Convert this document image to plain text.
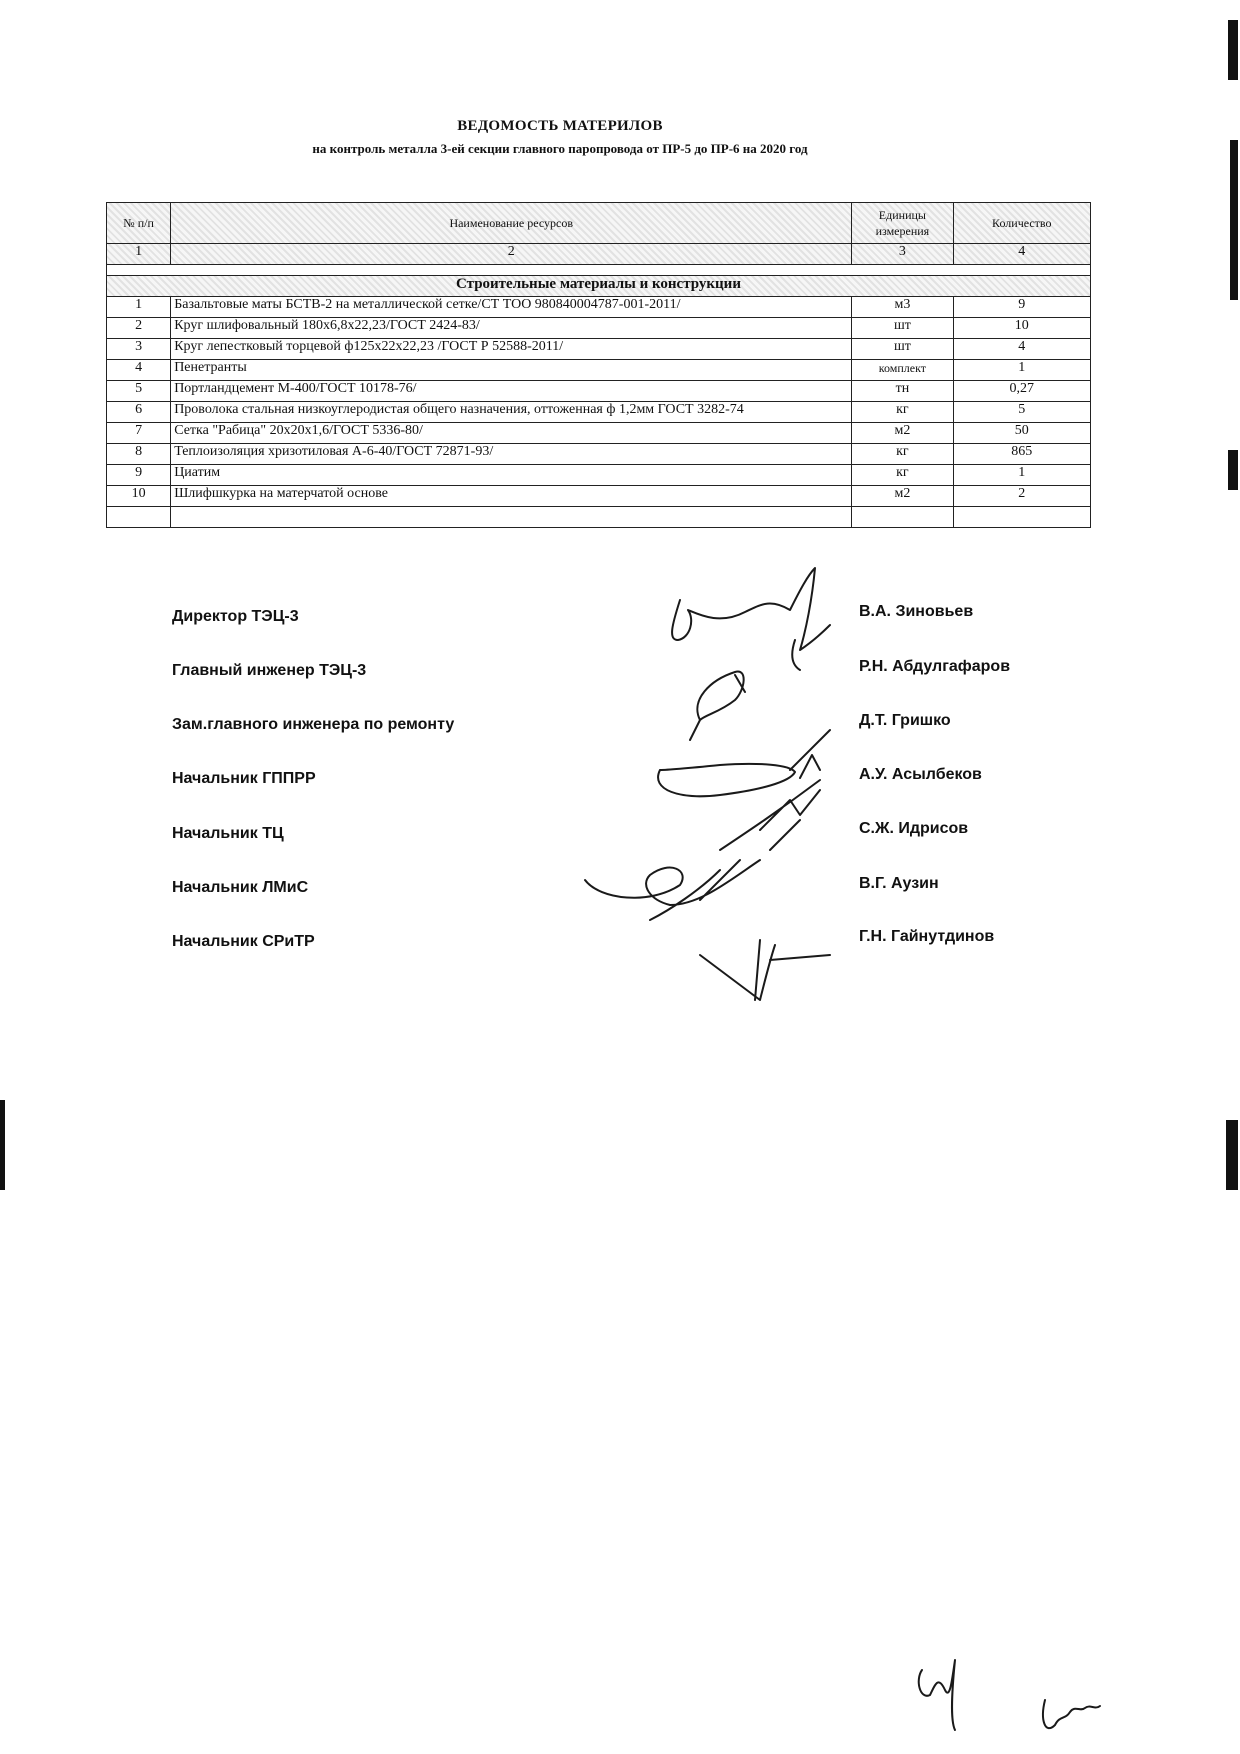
ВЕДОМОСТЬ МАТЕРИЛОВ
на контроль металла 3-ей секции главного паропровода от ПР-5 до ПР-6 на 2020 год
№ п/п	Наименование ресурсов	Единицы измерения	Количество
1	2	3	4

Строительные материалы и конструкции			
1	Базальтовые маты БСТВ-2 на металлической сетке/СТ ТОО 980840004787-001-2011/	м3	9
2	Круг шлифовальный 180х6,8х22,23/ГОСТ 2424-83/	шт	10
3	Круг лепестковый торцевой ф125х22х22,23 /ГОСТ Р 52588-2011/	шт	4
4	Пенетранты	комплект	1
5	Портландцемент М-400/ГОСТ 10178-76/	тн	0,27
6	Проволока стальная низкоуглеродистая общего назначения, оттоженная ф 1,2мм ГОСТ 3282-74	кг	5
7	Сетка "Рабица" 20х20х1,6/ГОСТ 5336-80/	м2	50
8	Теплоизоляция хризотиловая А-6-40/ГОСТ 72871-93/	кг	865
9	Циатим	кг	1
10	Шлифшкурка на матерчатой основе	м2	2

Директор ТЭЦ-3	В.А. Зиновьев
Главный инженер ТЭЦ-3	Р.Н. Абдулгафаров
Зам.главного инженера по ремонту	Д.Т. Гришко
Начальник ГППРР	А.У. Асылбеков
Начальник ТЦ	С.Ж. Идрисов
Начальник ЛМиС	В.Г. Аузин
Начальник СРиТР	Г.Н. Гайнутдинов
